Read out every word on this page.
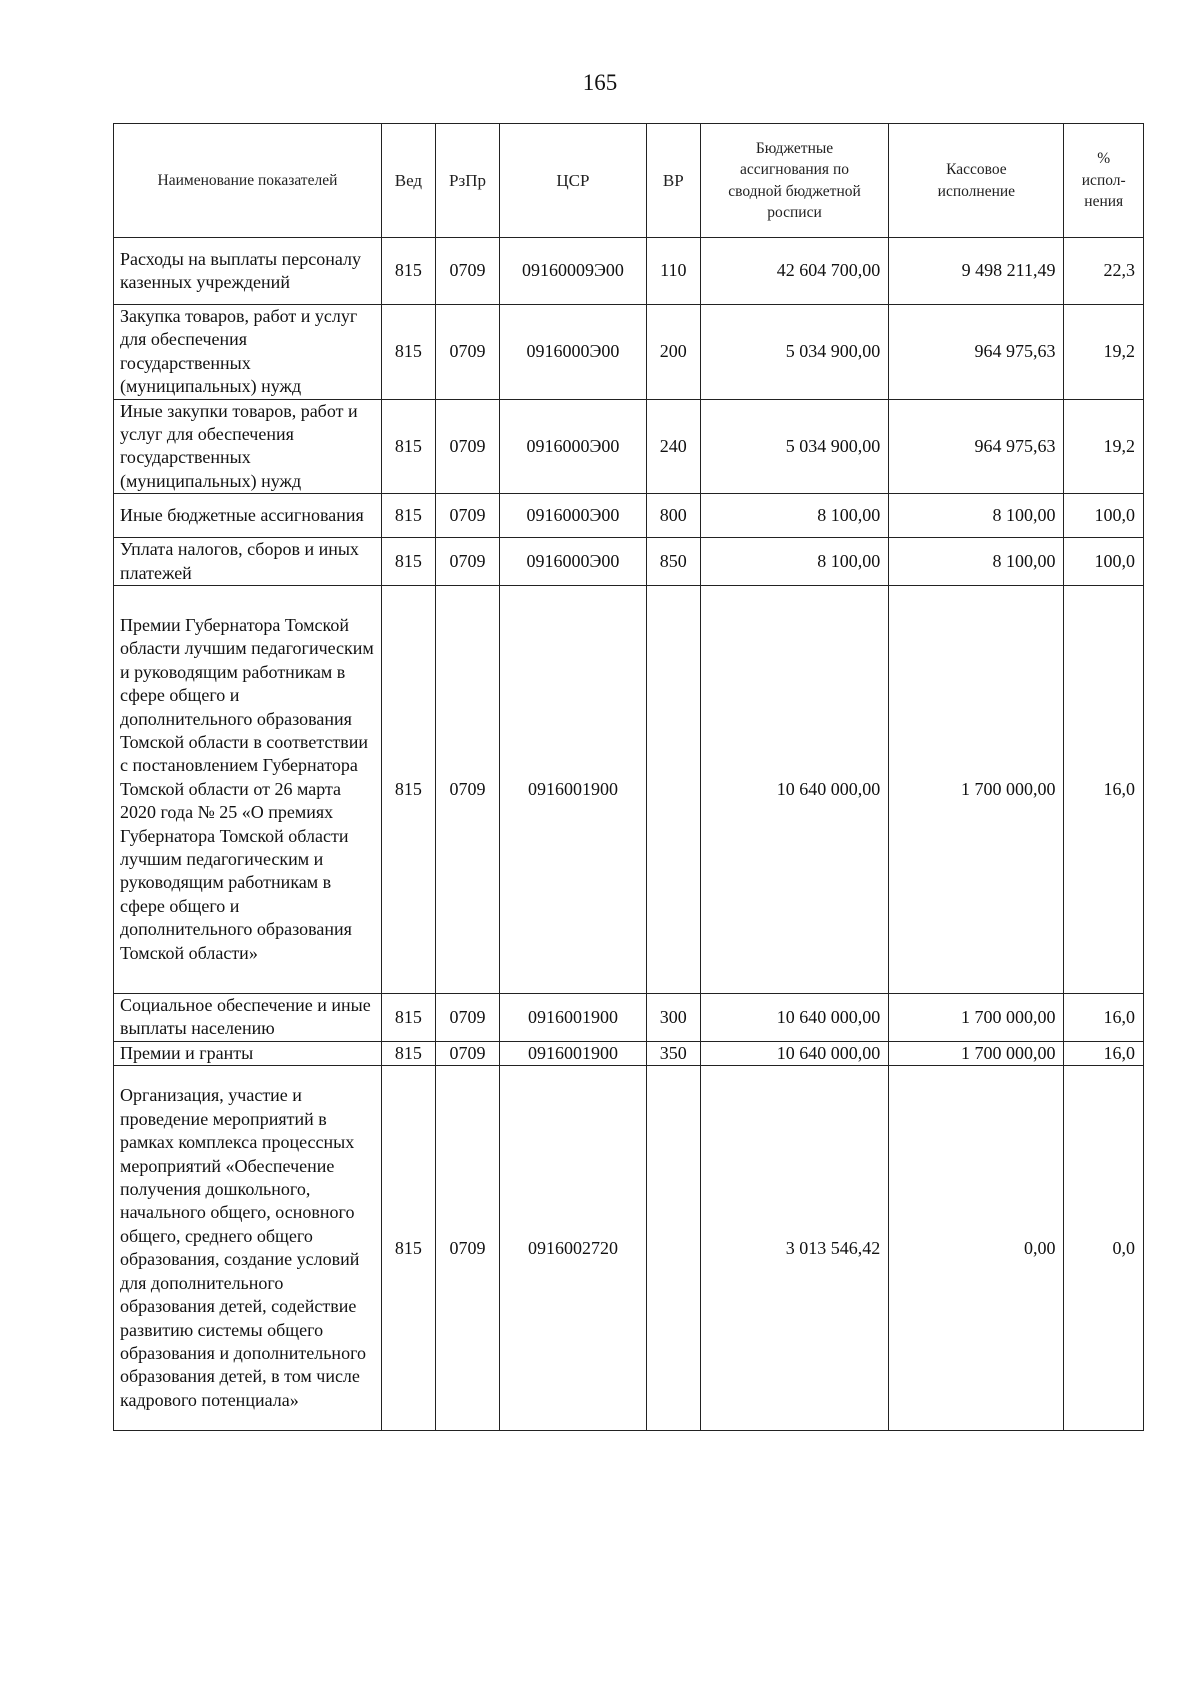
165
Наименование показателей	Вед	РзПр	ЦСР	ВР	Бюджетные ассигнования по сводной бюджетной росписи	Кассовое исполнение	% испол-нения
Расходы на выплаты персоналу казенных учреждений	815	0709	09160009Э00	110	42 604 700,00	9 498 211,49	22,3
Закупка товаров, работ и услуг для обеспечения государственных (муниципальных) нужд	815	0709	0916000Э00	200	5 034 900,00	964 975,63	19,2
Иные закупки товаров, работ и услуг для обеспечения государственных (муниципальных) нужд	815	0709	0916000Э00	240	5 034 900,00	964 975,63	19,2
Иные бюджетные ассигнования	815	0709	0916000Э00	800	8 100,00	8 100,00	100,0
Уплата налогов, сборов и иных платежей	815	0709	0916000Э00	850	8 100,00	8 100,00	100,0
Премии Губернатора Томской области лучшим педагогическим и руководящим работникам в сфере общего и дополнительного образования Томской области в соответствии с постановлением Губернатора Томской области от 26 марта 2020 года № 25 «О премиях Губернатора Томской области лучшим педагогическим и руководящим работникам в сфере общего и дополнительного образования Томской области»	815	0709	0916001900		10 640 000,00	1 700 000,00	16,0
Социальное обеспечение и иные выплаты населению	815	0709	0916001900	300	10 640 000,00	1 700 000,00	16,0
Премии и гранты	815	0709	0916001900	350	10 640 000,00	1 700 000,00	16,0
Организация, участие и проведение мероприятий в рамках комплекса процессных мероприятий «Обеспечение получения дошкольного, начального общего, основного общего, среднего общего образования, создание условий для дополнительного образования детей, содействие развитию системы общего образования и дополнительного образования детей, в том числе кадрового потенциала»	815	0709	0916002720		3 013 546,42	0,00	0,0
